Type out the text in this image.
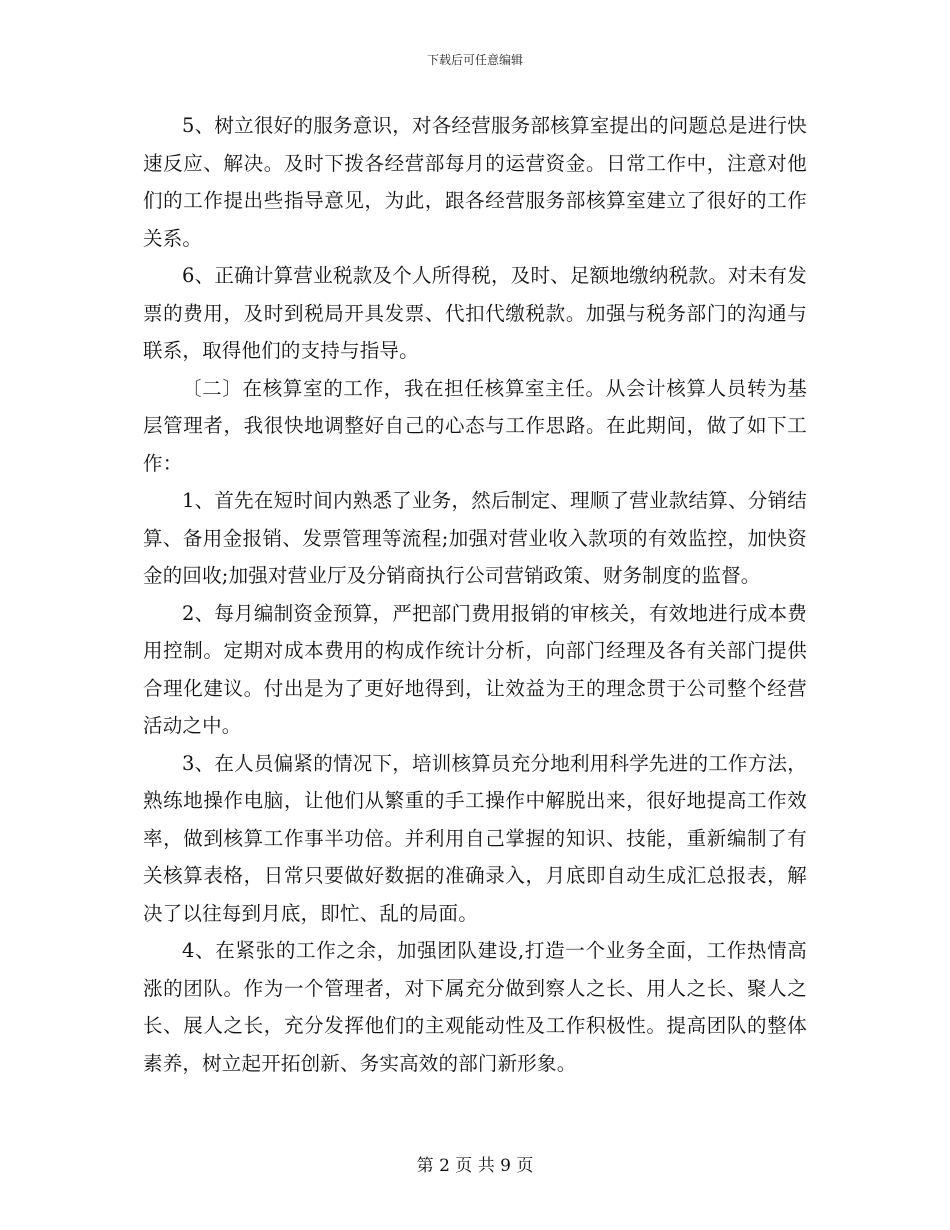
下载后可任意编辑

5、树立很好的服务意识，对各经营服务部核算室提出的问题总是进行快速反应、解决。及时下拨各经营部每月的运营资金。日常工作中，注意对他们的工作提出些指导意见，为此，跟各经营服务部核算室建立了很好的工作关系。

6、正确计算营业税款及个人所得税，及时、足额地缴纳税款。对未有发票的费用，及时到税局开具发票、代扣代缴税款。加强与税务部门的沟通与联系，取得他们的支持与指导。

〔二〕在核算室的工作，我在担任核算室主任。从会计核算人员转为基层管理者，我很快地调整好自己的心态与工作思路。在此期间，做了如下工作：

1、首先在短时间内熟悉了业务，然后制定、理顺了营业款结算、分销结算、备用金报销、发票管理等流程;加强对营业收入款项的有效监控，加快资金的回收;加强对营业厅及分销商执行公司营销政策、财务制度的监督。

2、每月编制资金预算，严把部门费用报销的审核关，有效地进行成本费用控制。定期对成本费用的构成作统计分析，向部门经理及各有关部门提供合理化建议。付出是为了更好地得到，让效益为王的理念贯于公司整个经营活动之中。

3、在人员偏紧的情况下，培训核算员充分地利用科学先进的工作方法，熟练地操作电脑，让他们从繁重的手工操作中解脱出来，很好地提高工作效率，做到核算工作事半功倍。并利用自己掌握的知识、技能，重新编制了有关核算表格，日常只要做好数据的准确录入，月底即自动生成汇总报表，解决了以往每到月底，即忙、乱的局面。

4、在紧张的工作之余，加强团队建设,打造一个业务全面，工作热情高涨的团队。作为一个管理者，对下属充分做到察人之长、用人之长、聚人之长、展人之长，充分发挥他们的主观能动性及工作积极性。提高团队的整体素养，树立起开拓创新、务实高效的部门新形象。

第 2 页 共 9 页
